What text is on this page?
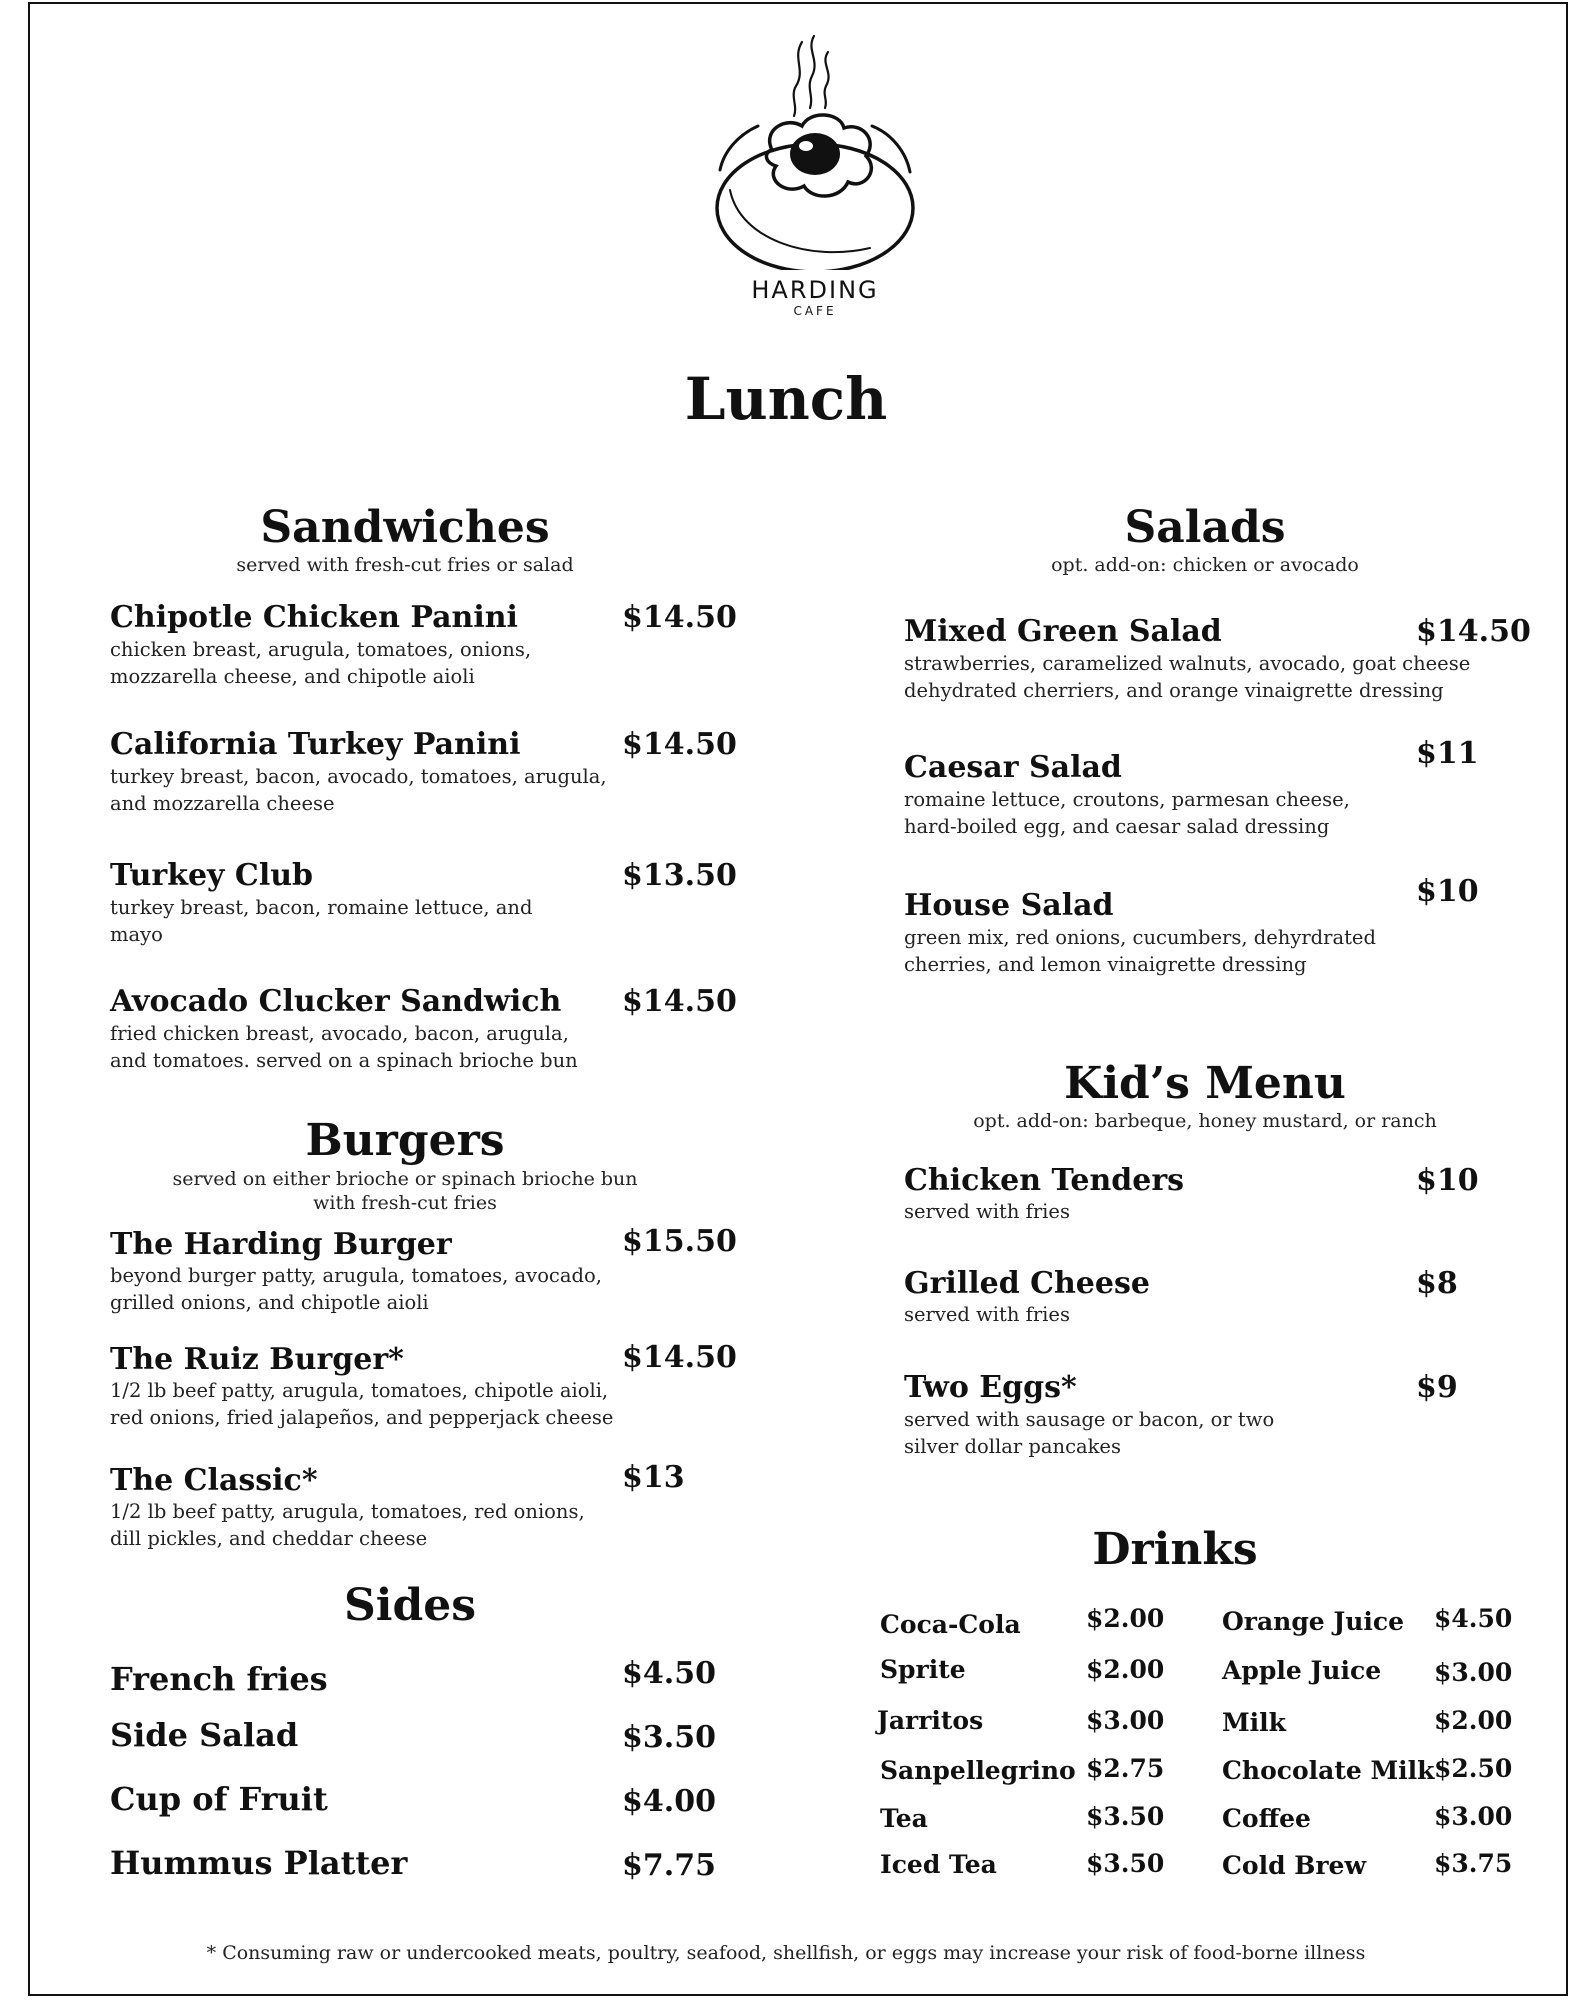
HARDING
CAFE
Lunch
Sandwiches
served with fresh-cut fries or salad
Chipotle Chicken Panini	$14.50
chicken breast, arugula, tomatoes, onions,
mozzarella cheese, and chipotle aioli
California Turkey Panini	$14.50
turkey breast, bacon, avocado, tomatoes, arugula,
and mozzarella cheese
Turkey Club	$13.50
turkey breast, bacon, romaine lettuce, and
mayo
Avocado Clucker Sandwich $14.50
fried chicken breast, avocado, bacon, arugula,
and tomatoes. served on a spinach brioche bun
Burgers
served on either brioche or spinach brioche bun
with fresh-cut fries
The Harding Burger	$15.50
beyond burger patty, arugula, tomatoes, avocado,
grilled onions, and chipotle aioli
The Ruiz Burger*	$14.50
1/2 lb beef patty, arugula, tomatoes, chipotle aioli,
red onions, fried jalapeños, and pepperjack cheese
The Classic*	$13
1/2 lb beef patty, arugula, tomatoes, red onions,
dill pickles, and cheddar cheese
Sides
French fries	$4.50
Side Salad	$3.50
Cup of Fruit	$4.00
Hummus Platter	$7.75
Salads
opt. add-on: chicken or avocado
Mixed Green Salad	$14.50
strawberries, caramelized walnuts, avocado, goat cheese
dehydrated cherriers, and orange vinaigrette dressing
Caesar Salad	$11
romaine lettuce, croutons, parmesan cheese,
hard-boiled egg, and caesar salad dressing
House Salad	$10
green mix, red onions, cucumbers, dehyrdrated
cherries, and lemon vinaigrette dressing
Kid’s Menu
opt. add-on: barbeque, honey mustard, or ranch
Chicken Tenders	$10
served with fries
Grilled Cheese	$8
served with fries
Two Eggs*	$9
served with sausage or bacon, or two
silver dollar pancakes
Drinks
Coca-Cola	$2.00
Sprite	$2.00
Jarritos	$3.00
Sanpellegrino $2.75
Tea	$3.50
Iced Tea	$3.50
Orange Juice $4.50
Apple Juice $3.00
Milk	$2.00
Chocolate Milk $2.50
Coffee	$3.00
Cold Brew	$3.75
* Consuming raw or undercooked meats, poultry, seafood, shellfish, or eggs may increase your risk of food-borne illness
